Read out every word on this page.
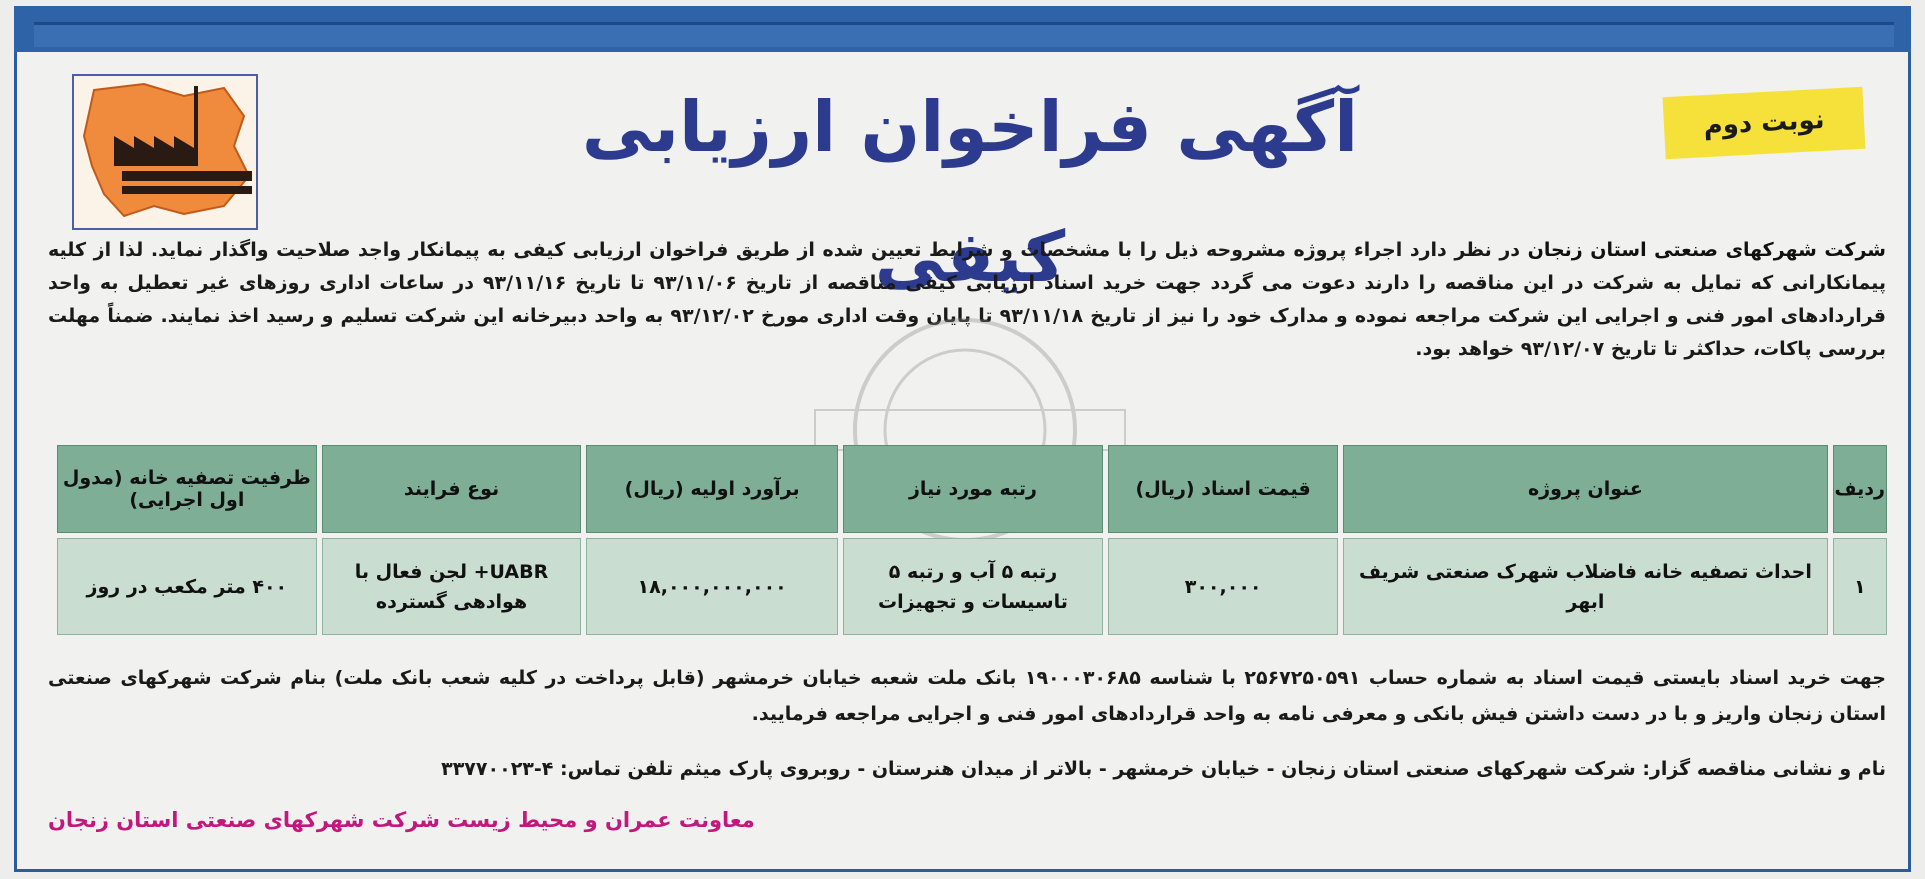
آگهی فراخوان ارزیابی کیفی
نوبت دوم
شرکت شهرکهای صنعتی استان زنجان در نظر دارد اجراء پروژه مشروحه ذیل را با مشخصات و شرایط تعیین شده از طریق فراخوان ارزیابی کیفی به پیمانکار واجد صلاحیت واگذار نماید. لذا از کلیه پیمانکارانی که تمایل به شرکت در این مناقصه را دارند دعوت می گردد جهت خرید اسناد ارزیابی کیفی مناقصه از تاریخ ۹۳/۱۱/۰۶ تا تاریخ ۹۳/۱۱/۱۶ در ساعات اداری روزهای غیر تعطیل به واحد قراردادهای امور فنی و اجرایی این شرکت مراجعه نموده و مدارک خود را نیز از تاریخ ۹۳/۱۱/۱۸ تا پایان وقت اداری مورخ ۹۳/۱۲/۰۲ به واحد دبیرخانه این شرکت تسلیم و رسید اخذ نمایند. ضمناً مهلت بررسی پاکات، حداکثر تا تاریخ ۹۳/۱۲/۰۷ خواهد بود.
ردیف	عنوان پروژه	قیمت اسناد (ریال)	رتبه مورد نیاز	برآورد اولیه (ریال)	نوع فرایند	ظرفیت تصفیه خانه (مدول اول اجرایی)
۱	احداث تصفیه خانه فاضلاب شهرک صنعتی شریف ابهر	۳۰۰,۰۰۰	رتبه ۵ آب و رتبه ۵ تاسیسات و تجهیزات	۱۸,۰۰۰,۰۰۰,۰۰۰	UABR+ لجن فعال با هوادهی گسترده	۴۰۰ متر مکعب در روز
جهت خرید اسناد بایستی قیمت اسناد به شماره حساب ۲۵۶۷۲۵۰۵۹۱ با شناسه ۱۹۰۰۰۳۰۶۸۵ بانک ملت شعبه خیابان خرمشهر (قابل پرداخت در کلیه شعب بانک ملت) بنام شرکت شهرکهای صنعتی استان زنجان واریز و با در دست داشتن فیش بانکی و معرفی نامه به واحد قراردادهای امور فنی و اجرایی مراجعه فرمایید.
نام و نشانی مناقصه گزار: شرکت شهرکهای صنعتی استان زنجان - خیابان خرمشهر - بالاتر از میدان هنرستان - روبروی پارک میثم تلفن تماس: ۴-۳۳۷۷۰۰۲۳
معاونت عمران و محیط زیست شرکت شهرکهای صنعتی استان زنجان
